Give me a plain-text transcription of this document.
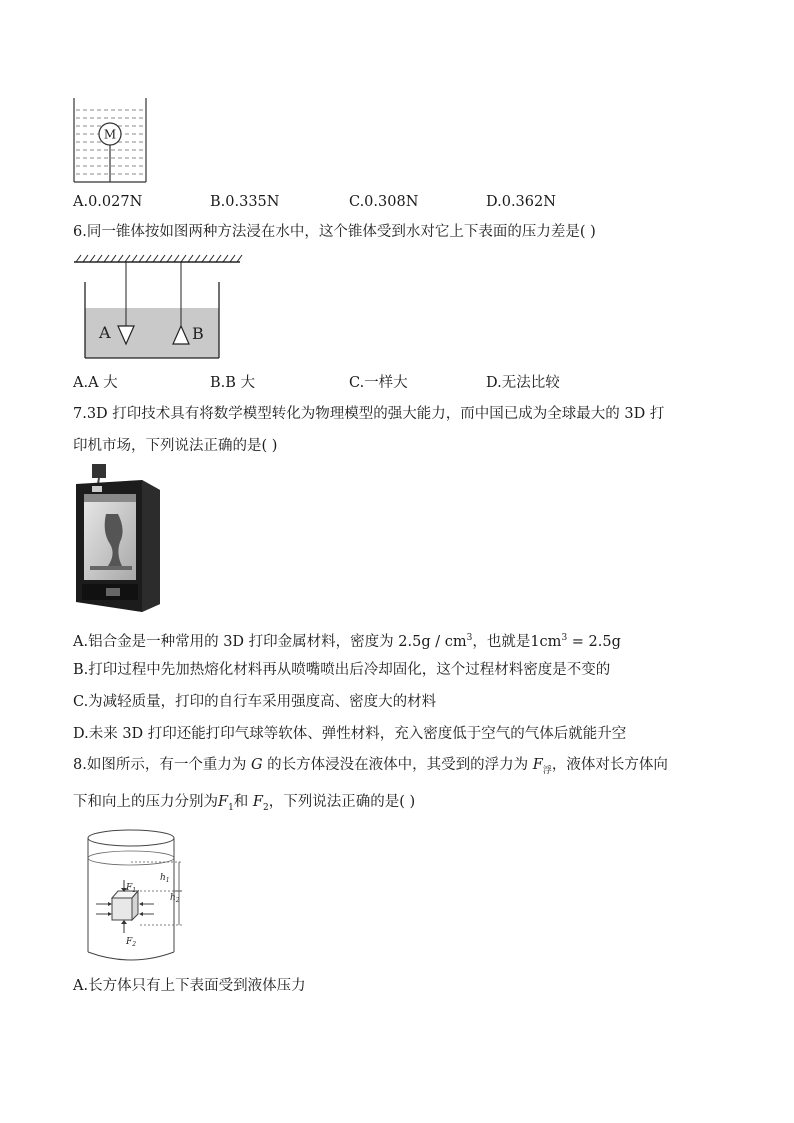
M
A.0.027N	B.0.335N	C.0.308N	D.0.362N
6.同一锥体按如图两种方法浸在水中，这个锥体受到水对它上下表面的压力差是( )
A	B
A.A 大	B.B 大	C.一样大	D.无法比较
7.3D 打印技术具有将数学模型转化为物理模型的强大能力，而中国已成为全球最大的 3D 打
印机市场，下列说法正确的是( )
A.铝合金是一种常用的 3D 打印金属材料，密度为 $2.5g / cm^3$，也就是$1cm^3 = 2.5g$
B.打印过程中先加热熔化材料再从喷嘴喷出后冷却固化，这个过程材料密度是不变的
C.为减轻质量，打印的自行车采用强度高、密度大的材料
D.未来 3D 打印还能打印气球等软体、弹性材料，充入密度低于空气的气体后就能升空
8.如图所示，有一个重力为 G 的长方体浸没在液体中，其受到的浮力为 $F_浮$，液体对长方体向
下和向上的压力分别为$F_1$和 $F_2$，下列说法正确的是( )
$F_1$
$F_2$
$h_1$
$h_2$
A.长方体只有上下表面受到液体压力
